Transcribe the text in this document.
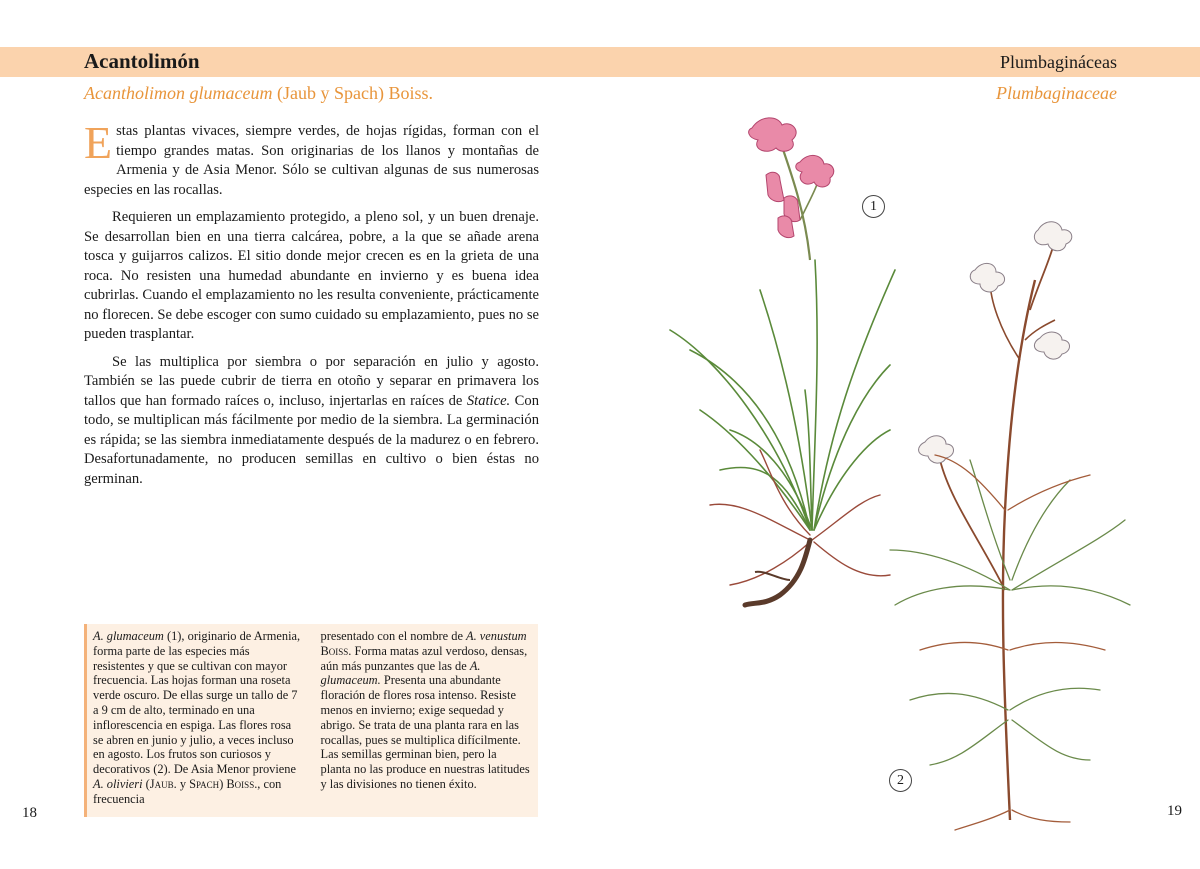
Acantolimón	Plumbagináceas
Acantholimon glumaceum (Jaub y Spach) Boiss.	Plumbaginaceae

Estas plantas vivaces, siempre verdes, de hojas rígidas, forman con el tiempo grandes matas. Son originarias de los llanos y montañas de Armenia y de Asia Menor. Sólo se cultivan algunas de sus numerosas especies en las rocallas.

Requieren un emplazamiento protegido, a pleno sol, y un buen drenaje. Se desarrollan bien en una tierra calcárea, pobre, a la que se añade arena tosca y guijarros calizos. El sitio donde mejor crecen es en la grieta de una roca. No resisten una humedad abundante en invierno y es buena idea cubrirlas. Cuando el emplazamiento no les resulta conveniente, prácticamente no florecen. Se debe escoger con sumo cuidado su emplazamiento, pues no se pueden trasplantar.

Se las multiplica por siembra o por separación en julio y agosto. También se las puede cubrir de tierra en otoño y separar en primavera los tallos que han formado raíces o, incluso, injertarlas en raíces de Statice. Con todo, se multiplican más fácilmente por medio de la siembra. La germinación es rápida; se las siembra inmediatamente después de la madurez o en febrero. Desafortunadamente, no producen semillas en cultivo o bien éstas no germinan.

A. glumaceum (1), originario de Armenia, forma parte de las especies más resistentes y que se cultivan con mayor frecuencia. Las hojas forman una roseta verde oscuro. De ellas surge un tallo de 7 a 9 cm de alto, terminado en una inflorescencia en espiga. Las flores rosa se abren en junio y julio, a veces incluso en agosto. Los frutos son curiosos y decorativos (2). De Asia Menor proviene A. olivieri (Jaub. y Spach) Boiss., con frecuencia

presentado con el nombre de A. venustum Boiss. Forma matas azul verdoso, densas, aún más punzantes que las de A. glumaceum. Presenta una abundante floración de flores rosa intenso. Resiste menos en invierno; exige sequedad y abrigo. Se trata de una planta rara en las rocallas, pues se multiplica difícilmente. Las semillas germinan bien, pero la planta no las produce en nuestras latitudes y las divisiones no tienen éxito.

18	19
1
2
